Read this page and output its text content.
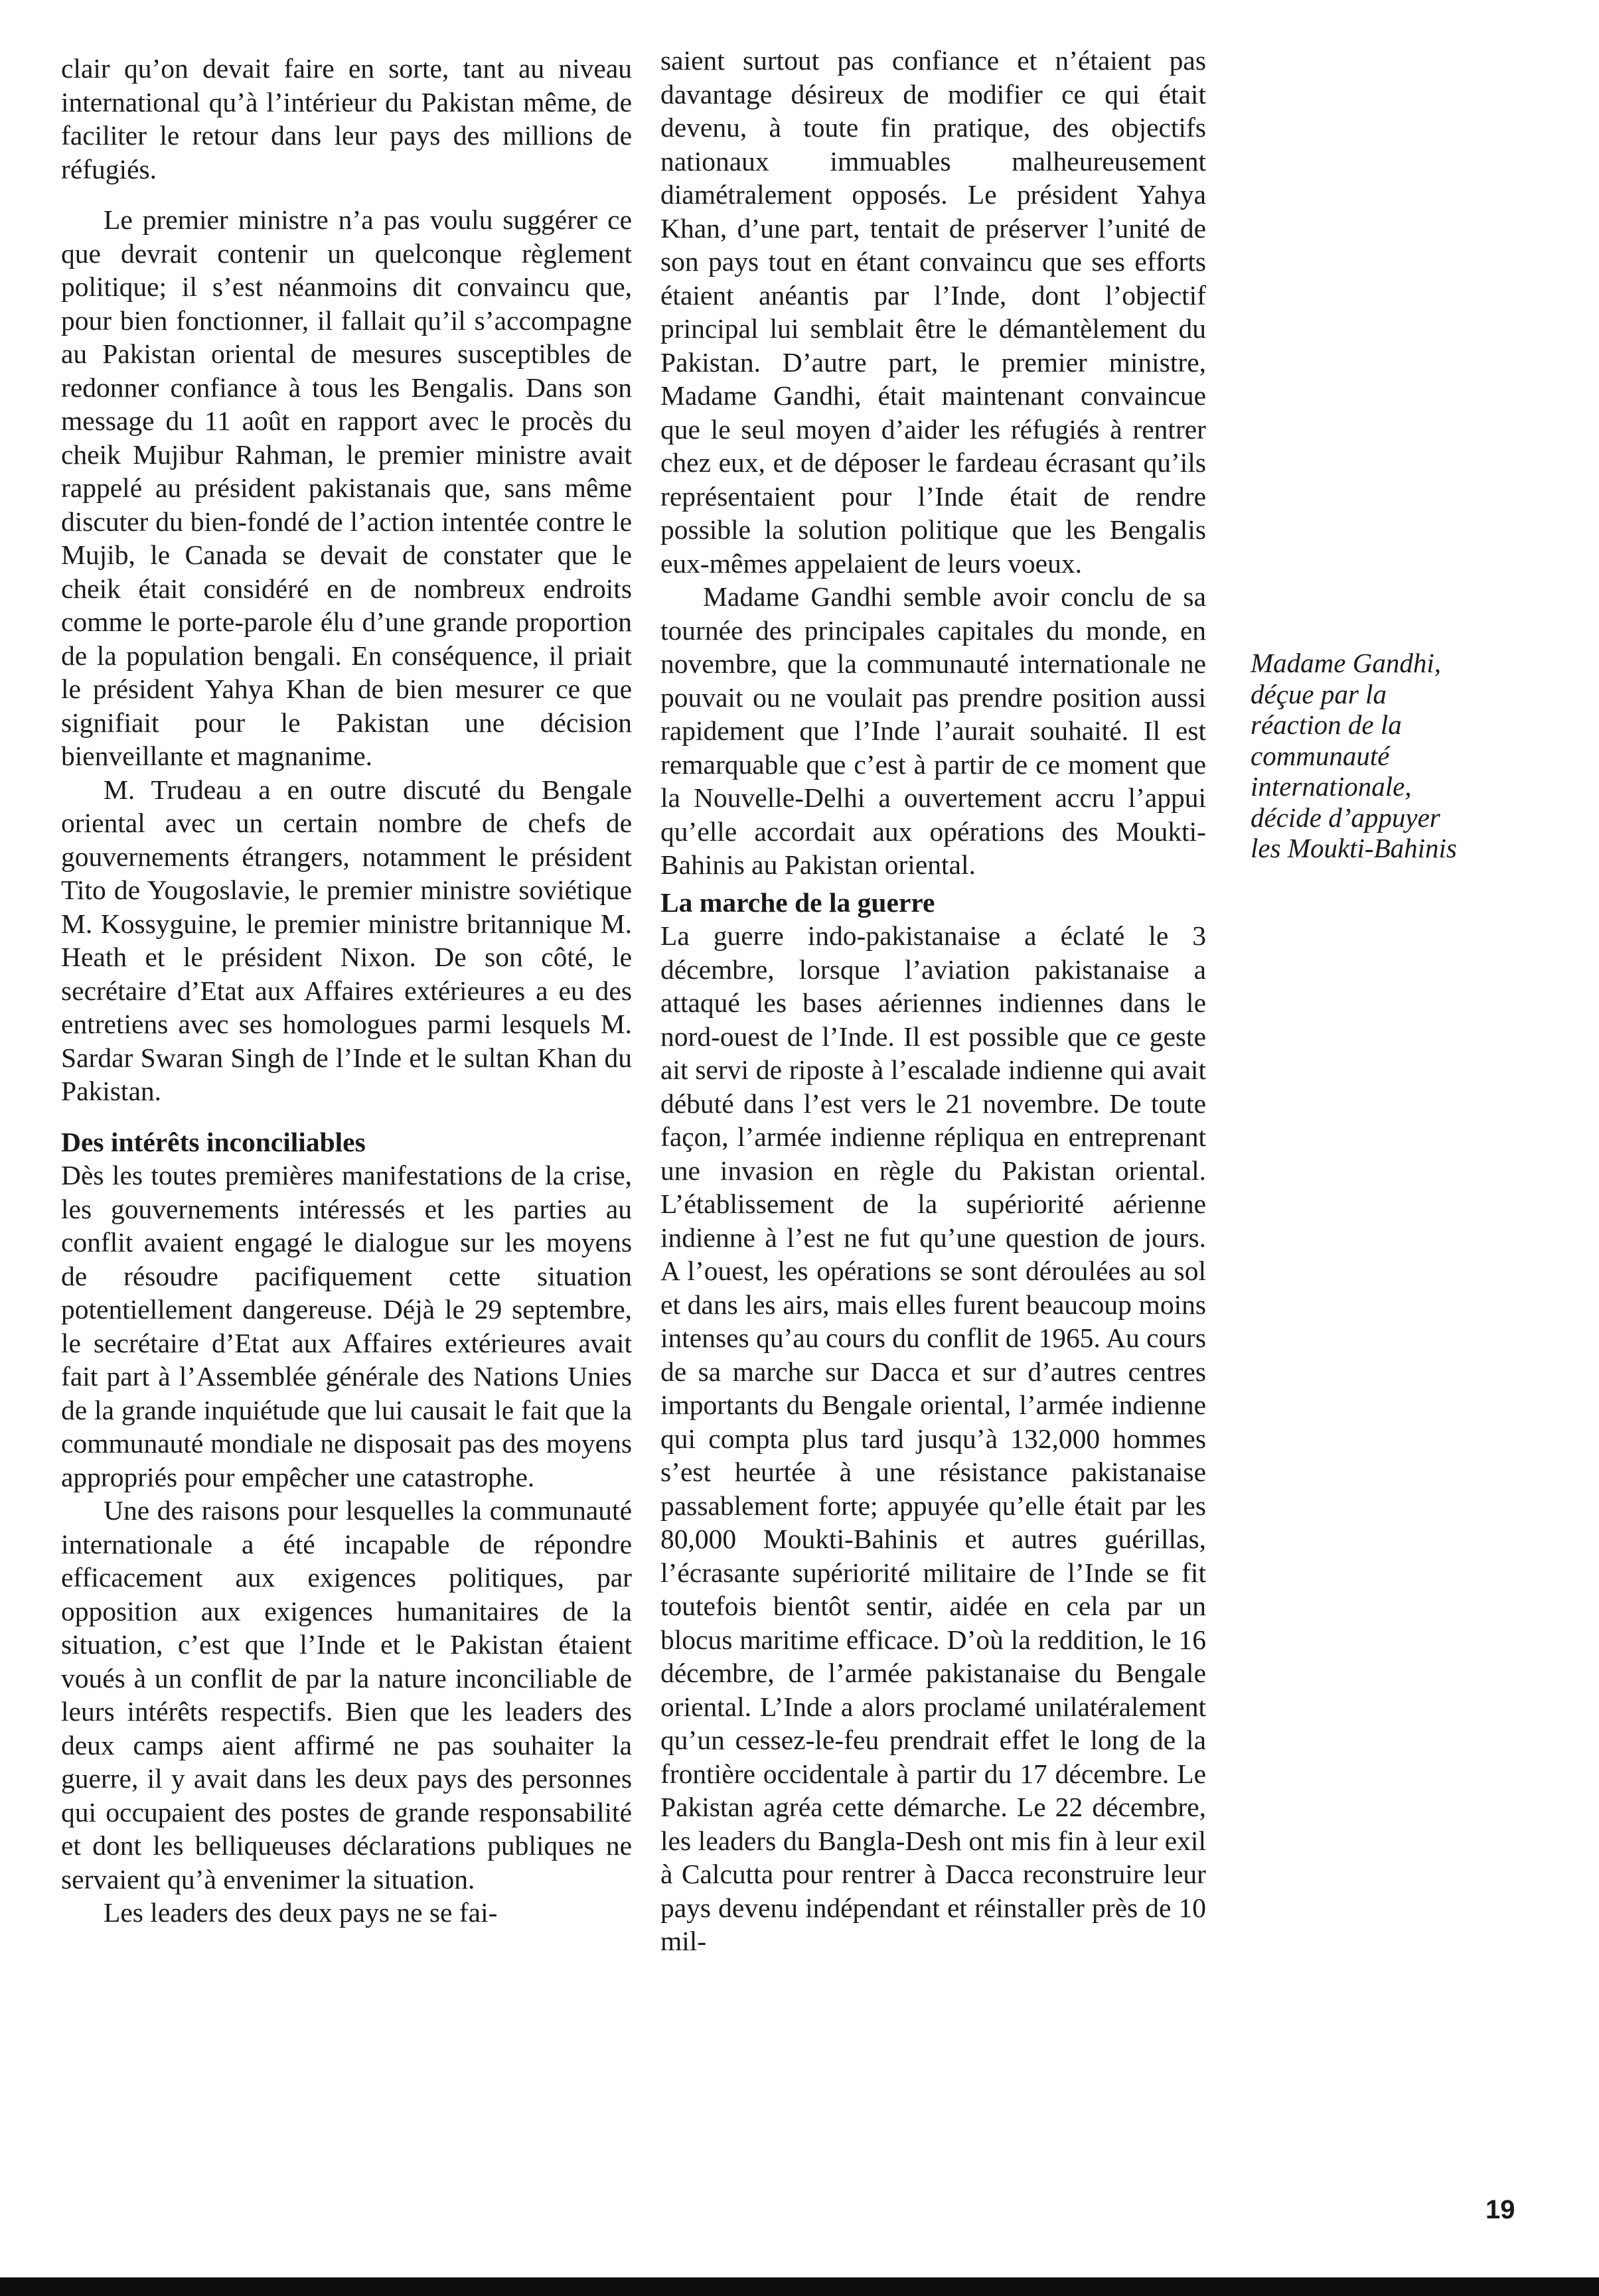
clair qu’on devait faire en sorte, tant au niveau international qu’à l’intérieur du Pakistan même, de faciliter le retour dans leur pays des millions de réfugiés.

Le premier ministre n’a pas voulu suggérer ce que devrait contenir un quelconque règlement politique; il s’est néanmoins dit convaincu que, pour bien fonctionner, il fallait qu’il s’accompagne au Pakistan oriental de mesures susceptibles de redonner confiance à tous les Bengalis. Dans son message du 11 août en rapport avec le procès du cheik Mujibur Rahman, le premier ministre avait rappelé au président pakistanais que, sans même discuter du bien-fondé de l’action intentée contre le Mujib, le Canada se devait de constater que le cheik était considéré en de nombreux endroits comme le porte-parole élu d’une grande proportion de la population bengali. En conséquence, il priait le président Yahya Khan de bien mesurer ce que signifiait pour le Pakistan une décision bienveillante et magnanime.

M. Trudeau a en outre discuté du Bengale oriental avec un certain nombre de chefs de gouvernements étrangers, notamment le président Tito de Yougoslavie, le premier ministre soviétique M. Kossyguine, le premier ministre britannique M. Heath et le président Nixon. De son côté, le secrétaire d’Etat aux Affaires extérieures a eu des entretiens avec ses homologues parmi lesquels M. Sardar Swaran Singh de l’Inde et le sultan Khan du Pakistan.

Des intérêts inconciliables

Dès les toutes premières manifestations de la crise, les gouvernements intéressés et les parties au conflit avaient engagé le dialogue sur les moyens de résoudre pacifiquement cette situation potentiellement dangereuse. Déjà le 29 septembre, le secrétaire d’Etat aux Affaires extérieures avait fait part à l’Assemblée générale des Nations Unies de la grande inquiétude que lui causait le fait que la communauté mondiale ne disposait pas des moyens appropriés pour empêcher une catastrophe.

Une des raisons pour lesquelles la communauté internationale a été incapable de répondre efficacement aux exigences politiques, par opposition aux exigences humanitaires de la situation, c’est que l’Inde et le Pakistan étaient voués à un conflit de par la nature inconciliable de leurs intérêts respectifs. Bien que les leaders des deux camps aient affirmé ne pas souhaiter la guerre, il y avait dans les deux pays des personnes qui occupaient des postes de grande responsabilité et dont les belliqueuses déclarations publiques ne servaient qu’à envenimer la situation.

Les leaders des deux pays ne se fai-

saient surtout pas confiance et n’étaient pas davantage désireux de modifier ce qui était devenu, à toute fin pratique, des objectifs nationaux immuables malheureusement diamétralement opposés. Le président Yahya Khan, d’une part, tentait de préserver l’unité de son pays tout en étant convaincu que ses efforts étaient anéantis par l’Inde, dont l’objectif principal lui semblait être le démantèlement du Pakistan. D’autre part, le premier ministre, Madame Gandhi, était maintenant convaincue que le seul moyen d’aider les réfugiés à rentrer chez eux, et de déposer le fardeau écrasant qu’ils représentaient pour l’Inde était de rendre possible la solution politique que les Bengalis eux-mêmes appelaient de leurs voeux.

Madame Gandhi semble avoir conclu de sa tournée des principales capitales du monde, en novembre, que la communauté internationale ne pouvait ou ne voulait pas prendre position aussi rapidement que l’Inde l’aurait souhaité. Il est remarquable que c’est à partir de ce moment que la Nouvelle-Delhi a ouvertement accru l’appui qu’elle accordait aux opérations des Moukti-Bahinis au Pakistan oriental.

La marche de la guerre

La guerre indo-pakistanaise a éclaté le 3 décembre, lorsque l’aviation pakistanaise a attaqué les bases aériennes indiennes dans le nord-ouest de l’Inde. Il est possible que ce geste ait servi de riposte à l’escalade indienne qui avait débuté dans l’est vers le 21 novembre. De toute façon, l’armée indienne répliqua en entreprenant une invasion en règle du Pakistan oriental. L’établissement de la supériorité aérienne indienne à l’est ne fut qu’une question de jours. A l’ouest, les opérations se sont déroulées au sol et dans les airs, mais elles furent beaucoup moins intenses qu’au cours du conflit de 1965. Au cours de sa marche sur Dacca et sur d’autres centres importants du Bengale oriental, l’armée indienne qui compta plus tard jusqu’à 132,000 hommes s’est heurtée à une résistance pakistanaise passablement forte; appuyée qu’elle était par les 80,000 Moukti-Bahinis et autres guérillas, l’écrasante supériorité militaire de l’Inde se fit toutefois bientôt sentir, aidée en cela par un blocus maritime efficace. D’où la reddition, le 16 décembre, de l’armée pakistanaise du Bengale oriental. L’Inde a alors proclamé unilatéralement qu’un cessez-le-feu prendrait effet le long de la frontière occidentale à partir du 17 décembre. Le Pakistan agréa cette démarche. Le 22 décembre, les leaders du Bangla-Desh ont mis fin à leur exil à Calcutta pour rentrer à Dacca reconstruire leur pays devenu indépendant et réinstaller près de 10 mil-

Madame Gandhi,
déçue par la
réaction de la
communauté
internationale,
décide d’appuyer
les Moukti-Bahinis
19
